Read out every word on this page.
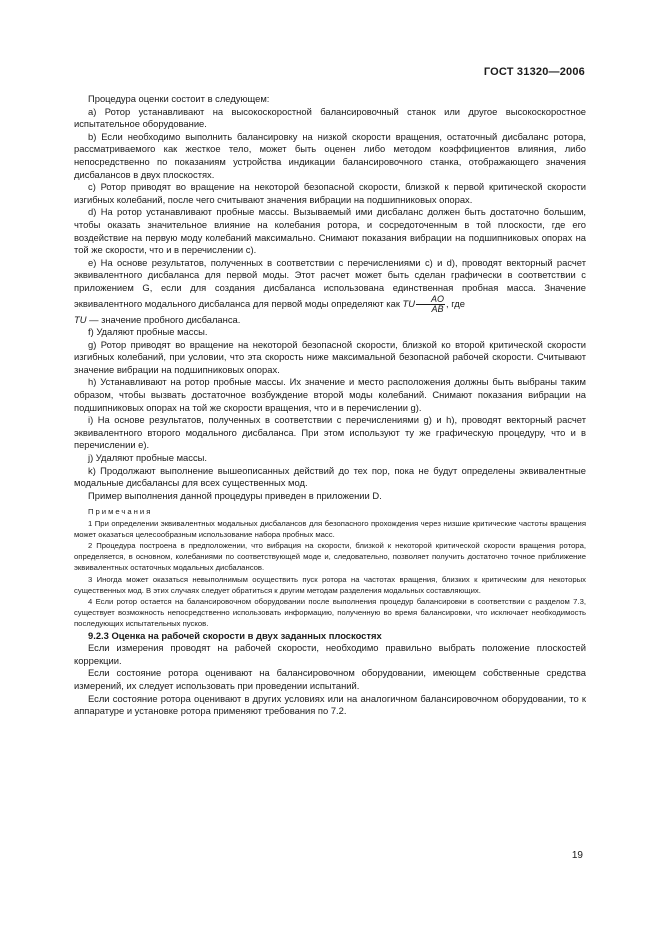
ГОСТ 31320—2006

Процедура оценки состоит в следующем:

a) Ротор устанавливают на высокоскоростной балансировочный станок или другое высокоскоростное испытательное оборудование.

b) Если необходимо выполнить балансировку на низкой скорости вращения, остаточный дисбаланс ротора, рассматриваемого как жесткое тело, может быть оценен либо методом коэффициентов влияния, либо непосредственно по показаниям устройства индикации балансировочного станка, отображающего значения дисбалансов в двух плоскостях.

c) Ротор приводят во вращение на некоторой безопасной скорости, близкой к первой критической скорости изгибных колебаний, после чего считывают значения вибрации на подшипниковых опорах.

d) На ротор устанавливают пробные массы. Вызываемый ими дисбаланс должен быть достаточно большим, чтобы оказать значительное влияние на колебания ротора, и сосредоточенным в той плоскости, где его воздействие на первую моду колебаний максимально. Снимают показания вибрации на подшипниковых опорах на той же скорости, что и в перечислении c).

e) На основе результатов, полученных в соответствии с перечислениями c) и d), проводят векторный расчет эквивалентного дисбаланса для первой моды. Этот расчет может быть сделан графически в соответствии с приложением G, если для создания дисбаланса использована единственная пробная масса. Значение эквивалентного модального дисбаланса для первой моды определяют как TU $\frac{AO}{AB}$ , где

TU — значение пробного дисбаланса.

f) Удаляют пробные массы.

g) Ротор приводят во вращение на некоторой безопасной скорости, близкой ко второй критической скорости изгибных колебаний, при условии, что эта скорость ниже максимальной безопасной рабочей скорости. Считывают значение вибрации на подшипниковых опорах.

h) Устанавливают на ротор пробные массы. Их значение и место расположения должны быть выбраны таким образом, чтобы вызвать достаточное возбуждение второй моды колебаний. Снимают показания вибрации на подшипниковых опорах на той же скорости вращения, что и в перечислении g).

i) На основе результатов, полученных в соответствии с перечислениями g) и h), проводят векторный расчет эквивалентного второго модального дисбаланса. При этом используют ту же графическую процедуру, что и в перечислении e).

j) Удаляют пробные массы.

k) Продолжают выполнение вышеописанных действий до тех пор, пока не будут определены эквивалентные модальные дисбалансы для всех существенных мод.

Пример выполнения данной процедуры приведен в приложении D.

Примечания

1 При определении эквивалентных модальных дисбалансов для безопасного прохождения через низшие критические частоты вращения может оказаться целесообразным использование набора пробных масс.

2 Процедура построена в предположении, что вибрация на скорости, близкой к некоторой критической скорости вращения ротора, определяется, в основном, колебаниями по соответствующей моде и, следовательно, позволяет получить достаточно точное приближение эквивалентных остаточных модальных дисбалансов.

3 Иногда может оказаться невыполнимым осуществить пуск ротора на частотах вращения, близких к критическим для некоторых существенных мод. В этих случаях следует обратиться к другим методам разделения модальных составляющих.

4 Если ротор остается на балансировочном оборудовании после выполнения процедур балансировки в соответствии с разделом 7.3, существует возможность непосредственно использовать информацию, полученную во время балансировки, что исключает необходимость последующих испытательных пусков.

9.2.3 Оценка на рабочей скорости в двух заданных плоскостях

Если измерения проводят на рабочей скорости, необходимо правильно выбрать положение плоскостей коррекции.

Если состояние ротора оценивают на балансировочном оборудовании, имеющем собственные средства измерений, их следует использовать при проведении испытаний.

Если состояние ротора оценивают в других условиях или на аналогичном балансировочном оборудовании, то к аппаратуре и установке ротора применяют требования по 7.2.

19
